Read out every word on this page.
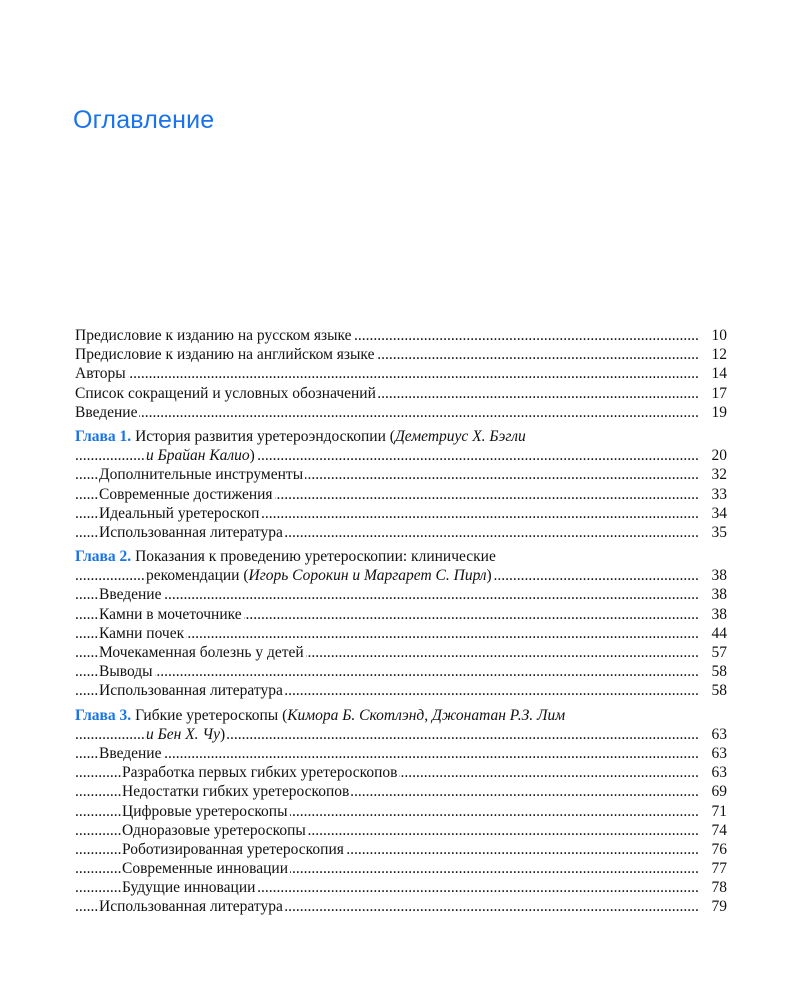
Оглавление
Предисловие к изданию на русском языке	10
.....
Предисловие к изданию на английском языке	12
.....
Авторы	14
.....
Список сокращений и условных обозначений	17
.....
Введение	19
.....
Глава 1. История развития уретероэндоскопии (Деметриус Х. Бэгли
и Брайан Калио)	20
.....
Дополнительные инструменты	32
.....
Современные достижения	33
.....
Идеальный уретероскоп	34
.....
Использованная литература	35
.....
Глава 2. Показания к проведению уретероскопии: клинические
рекомендации (Игорь Сорокин и Маргарет С. Пирл)	38
.....
Введение	38
.....
Камни в мочеточнике	38
.....
Камни почек	44
.....
Мочекаменная болезнь у детей	57
.....
Выводы	58
.....
Использованная литература	58
.....
Глава 3. Гибкие уретероскопы (Кимора Б. Скотлэнд, Джонатан Р.З. Лим
и Бен Х. Чу)	63
.....
Введение	63
.....
Разработка первых гибких уретероскопов	63
.....
Недостатки гибких уретероскопов	69
.....
Цифровые уретероскопы	71
.....
Одноразовые уретероскопы	74
.....
Роботизированная уретероскопия	76
.....
Современные инновации	77
.....
Будущие инновации	78
.....
Использованная литература	79
.....
